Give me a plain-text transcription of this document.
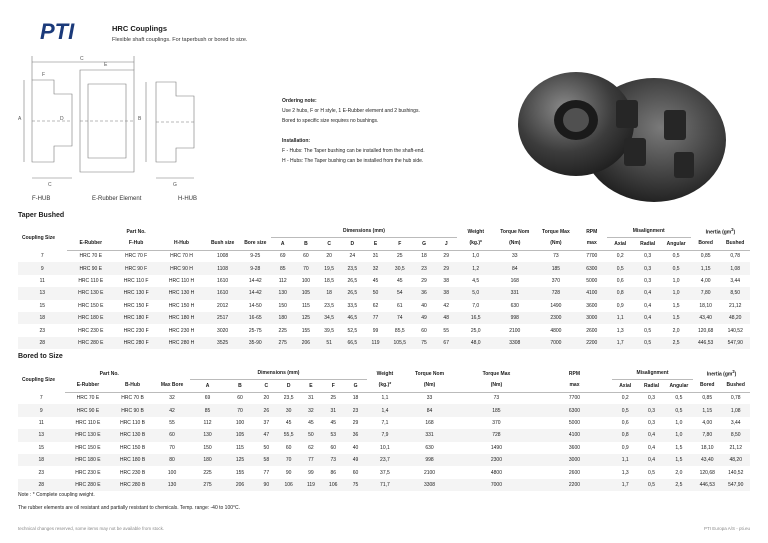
PTI	HRC Couplings
Flexible shaft couplings. For taperbush or bored to size.
C
F
E
D	B
A
C	G
F-HUB	E-Rubber Element	H-HUB
Ordering note:
Use 2 hubs, F or H style, 1 E-Rubber element and 2 bushings.
Bored to specific size requires no bushings.
Installation:
F - Hubs: The Taper bushing can be installed from the shaft-end.
H - Hubs: The Taper bushing can be installed from the hub side.
Taper Bushed
Coupling Size	Part No.					Dimensions (mm)								Weight	Torque Nom	Torque Max	RPM	Misalignment			Inertia $(gm^2)$	
	E-Rubber	F-Hub	H-Hub	Bush size	Bore size	A	B	C	D	E	F	G	J	(kg.)*	(Nm)	(Nm)	max	Axial	Radial	Angular	Bored	Bushed
7	HRC 70 E	HRC 70 F	HRC 70 H	1008	9-25	69	60	20	24	31	25	18	29	1,0	33	73	7700	0,2	0,3	0,5	0,85	0,78
9	HRC 90 E	HRC 90 F	HRC 90 H	1108	9-28	85	70	19,5	23,5	32	30,5	23	29	1,2	84	185	6300	0,5	0,3	0,5	1,15	1,08
11	HRC 110 E	HRC 110 F	HRC 110 H	1610	14-42	112	100	18,5	26,5	45	45	29	38	4,5	168	370	5000	0,6	0,3	1,0	4,00	3,44
13	HRC 130 E	HRC 130 F	HRC 130 H	1610	14-42	130	105	18	26,5	50	54	36	38	5,0	331	728	4100	0,8	0,4	1,0	7,80	8,50
15	HRC 150 E	HRC 150 F	HRC 150 H	2012	14-50	150	115	23,5	33,5	62	61	40	42	7,0	630	1490	3600	0,9	0,4	1,5	18,10	21,12
18	HRC 180 E	HRC 180 F	HRC 180 H	2517	16-65	180	125	34,5	46,5	77	74	49	48	16,5	998	2300	3000	1,1	0,4	1,5	43,40	48,20
23	HRC 230 E	HRC 230 F	HRC 230 H	3020	25-75	225	155	39,5	52,5	99	85,5	60	55	25,0	2100	4800	2600	1,3	0,5	2,0	120,68	140,52
28	HRC 280 E	HRC 280 F	HRC 280 H	3525	35-90	275	206	51	66,5	119	105,5	75	67	48,0	3308	7000	2200	1,7	0,5	2,5	446,53	547,90
Bored to Size
Coupling Size	Part No.			Dimensions (mm)							Weight	Torque Nom	Torque Max	RPM	Misalignment			Inertia $(gm^2)$	
	E-Rubber	B-Hub	Max Bore	A	B	C	D	E	F	G	(kg.)*	(Nm)	(Nm)	max	Axial	Radial	Angular	Bored	Bushed
7	HRC 70 E	HRC 70 B	32	69	60	20	23,5	31	25	18	1,1	33	73	7700	0,2	0,3	0,5	0,85	0,78
9	HRC 90 E	HRC 90 B	42	85	70	26	30	32	31	23	1,4	84	185	6300	0,5	0,3	0,5	1,15	1,08
11	HRC 110 E	HRC 110 B	55	112	100	37	45	45	45	29	7,1	168	370	5000	0,6	0,3	1,0	4,00	3,44
13	HRC 130 E	HRC 130 B	60	130	105	47	55,5	50	53	36	7,9	331	728	4100	0,8	0,4	1,0	7,80	8,50
15	HRC 150 E	HRC 150 B	70	150	115	50	60	62	60	40	10,1	630	1490	3600	0,9	0,4	1,5	18,10	21,12
18	HRC 180 E	HRC 180 B	80	180	125	58	70	77	73	49	23,7	998	2300	3000	1,1	0,4	1,5	43,40	48,20
23	HRC 230 E	HRC 230 B	100	225	155	77	90	99	86	60	37,5	2100	4800	2600	1,3	0,5	2,0	120,68	140,52
28	HRC 280 E	HRC 280 B	130	275	206	90	106	119	106	75	71,7	3308	7000	2200	1,7	0,5	2,5	446,53	547,90
Note : * Complete coupling weight.
The rubber elements are oil resistant and partially resistant to chemicals. Temp. range: -40 to 100°C.
technical changes reserved, some items may not be available from stock.	PTI Europa A/S - pti.eu
